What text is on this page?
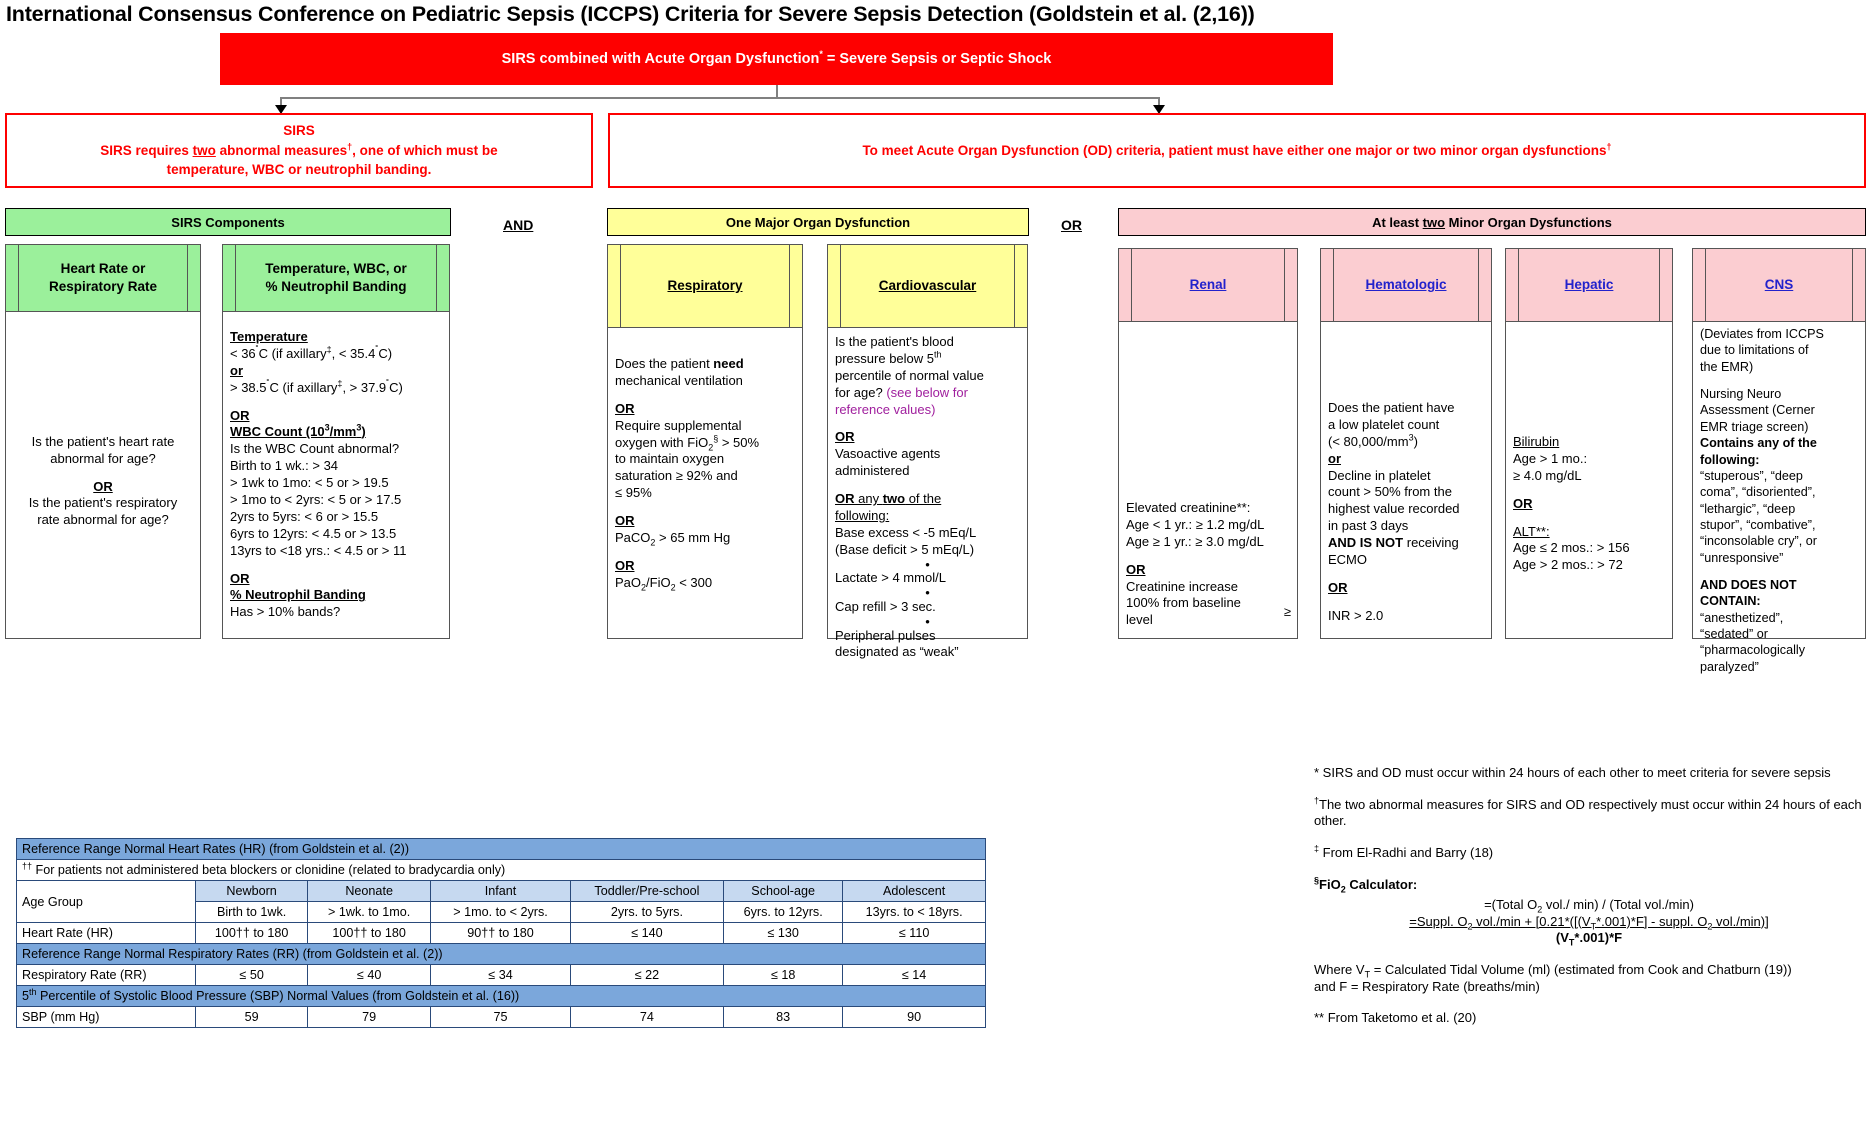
International Consensus Conference on Pediatric Sepsis (ICCPS) Criteria for Severe Sepsis Detection (Goldstein et al. (2,16))
SIRS combined with Acute Organ Dysfunction* = Severe Sepsis or Septic Shock
SIRS
SIRS requires two abnormal measures†, one of which must be
temperature, WBC or neutrophil banding.
To meet Acute Organ Dysfunction (OD) criteria, patient must have either one major or two minor organ dysfunctions†
SIRS Components	AND	One Major Organ Dysfunction	OR	At least two Minor Organ Dysfunctions
Heart Rate or
Respiratory Rate
Is the patient's heart rate
abnormal for age?
OR
Is the patient's respiratory
rate abnormal for age?
Temperature, WBC, or
% Neutrophil Banding
Temperature
< 36˚C (if axillary‡, < 35.4˚C)
or
> 38.5˚C (if axillary‡, > 37.9˚C)
OR
WBC Count $(10^3/mm^3)$
Is the WBC Count abnormal?
Birth to 1 wk.: > 34
> 1wk to 1mo: < 5 or > 19.5
> 1mo to < 2yrs: < 5 or > 17.5
2yrs to 5yrs: < 6 or > 15.5
6yrs to 12yrs: < 4.5 or > 13.5
13yrs to <18 yrs.: < 4.5 or > 11
OR
% Neutrophil Banding
Has > 10% bands?
Respiratory
Does the patient need
mechanical ventilation
OR
Require supplemental
oxygen with FiO$_2$§ > 50%
to maintain oxygen
saturation ≥ 92% and
≤ 95%
OR
PaCO$_2$ > 65 mm Hg
OR
PaO$_2$/FiO$_2$ < 300
Cardiovascular
Is the patient's blood
pressure below 5th
percentile of normal value
for age? (see below for
reference values)
OR
Vasoactive agents
administered
OR any two of the
following:
Base excess < -5 mEq/L
(Base deficit > 5 mEq/L)
•
Lactate > 4 mmol/L
•
Cap refill > 3 sec.
•
Peripheral pulses
designated as “weak”
Renal
Elevated creatinine**:
Age < 1 yr.: ≥ 1.2 mg/dL
Age ≥ 1 yr.: ≥ 3.0 mg/dL
OR
Creatinine increase
100% from baseline
level
≥
Hematologic
Does the patient have
a low platelet count
(< $80,000/mm^3$)
or
Decline in platelet
count > 50% from the
highest value recorded
in past 3 days
AND IS NOT receiving
ECMO
OR
INR > 2.0
Hepatic
Bilirubin
Age > 1 mo.:
≥ 4.0 mg/dL
OR
ALT**:
Age ≤ 2 mos.: > 156
Age > 2 mos.: > 72
CNS
(Deviates from ICCPS
due to limitations of
the EMR)
Nursing Neuro
Assessment (Cerner
EMR triage screen)
Contains any of the
following:
“stuperous”, “deep
coma”, “disoriented”,
“lethargic”, “deep
stupor”, “combative”,
“inconsolable cry”, or
“unresponsive”
AND DOES NOT
CONTAIN:
“anesthetized”,
“sedated” or
“pharmacologically
paralyzed”
Reference Range Normal Heart Rates (HR) (from Goldstein et al. (2))						
†† For patients not administered beta blockers or clonidine (related to bradycardia only)						
Age Group	Newborn	Neonate	Infant	Toddler/Pre-school	School-age	Adolescent
	Birth to 1wk.	> 1wk. to 1mo.	> 1mo. to < 2yrs.	2yrs. to 5yrs.	6yrs. to 12yrs.	13yrs. to < 18yrs.
Heart Rate (HR)	100†† to 180	100†† to 180	90†† to 180	≤ 140	≤ 130	≤ 110
Reference Range Normal Respiratory Rates (RR) (from Goldstein et al. (2))						
Respiratory Rate (RR)	≤ 50	≤ 40	≤ 34	≤ 22	≤ 18	≤ 14
5th Percentile of Systolic Blood Pressure (SBP) Normal Values (from Goldstein et al. (16))						
SBP (mm Hg)	59	79	75	74	83	90

* SIRS and OD must occur within 24 hours of each other to meet criteria for severe sepsis

†The two abnormal measures for SIRS and OD respectively must occur within 24 hours of each other.

‡ From El-Radhi and Barry (18)

§FiO$_2$ Calculator:

=(Total $O_2$ vol./ min) / (Total vol./min)

=Suppl. $O_2$ $vol./\min + [0.21*([(V_T*.001)*F]$ - suppl. $O_2$ vol./min)]

$(V_T*.001)*F$

Where $V_T$ = Calculated Tidal Volume (ml) (estimated from Cook and Chatburn (19))
and F = Respiratory Rate (breaths/min)

** From Taketomo et al. (20)
